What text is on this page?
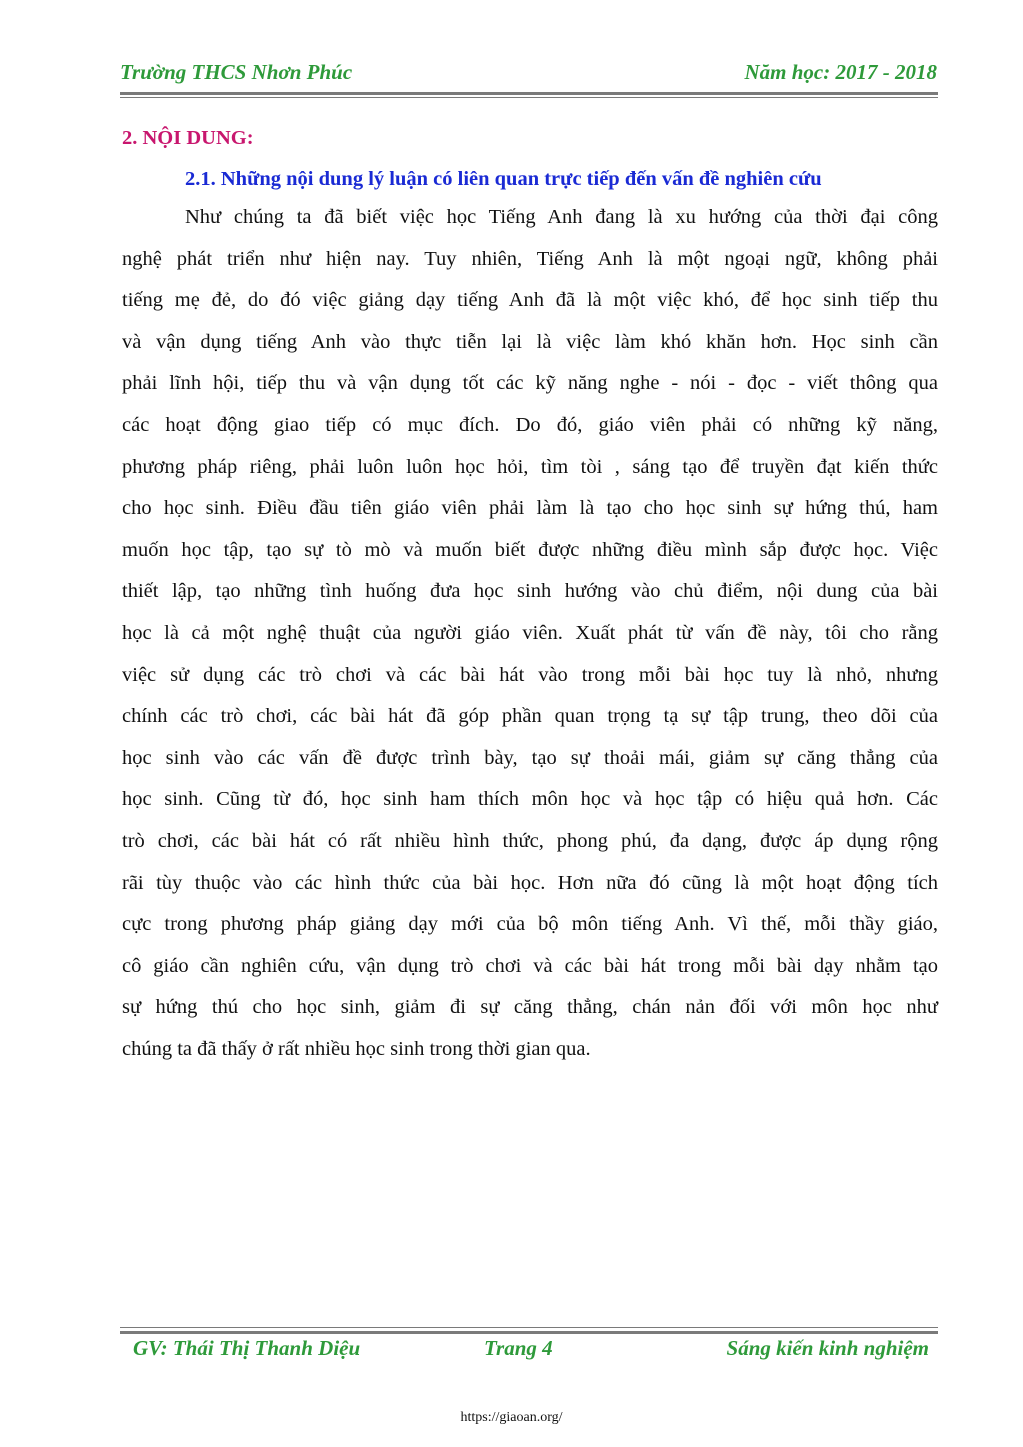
Trường THCS Nhơn Phúc	Năm học: 2017 - 2018
2. NỘI DUNG:
2.1. Những nội dung lý luận có liên quan trực tiếp đến vấn đề nghiên cứu
Như chúng ta đã biết việc học Tiếng Anh đang là xu hướng của thời đại công
nghệ phát triển như hiện nay. Tuy nhiên, Tiếng Anh là một ngoại ngữ, không phải
tiếng mẹ đẻ, do đó việc giảng dạy tiếng Anh đã là một việc khó, để học sinh tiếp thu
và vận dụng tiếng Anh vào thực tiễn lại là việc làm khó khăn hơn. Học sinh cần
phải lĩnh hội, tiếp thu và vận dụng tốt các kỹ năng nghe - nói - đọc - viết thông qua
các hoạt động giao tiếp có mục đích. Do đó, giáo viên phải có những kỹ năng,
phương pháp riêng, phải luôn luôn học hỏi, tìm tòi , sáng tạo để truyền đạt kiến thức
cho học sinh. Điều đầu tiên giáo viên phải làm là tạo cho học sinh sự hứng thú, ham
muốn học tập, tạo sự tò mò và muốn biết được những điều mình sắp được học. Việc
thiết lập, tạo những tình huống đưa học sinh hướng vào chủ điểm, nội dung của bài
học là cả một nghệ thuật của người giáo viên. Xuất phát từ vấn đề này, tôi cho rằng
việc sử dụng các trò chơi và các bài hát vào trong mỗi bài học tuy là nhỏ, nhưng
chính các trò chơi, các bài hát đã góp phần quan trọng tạ sự tập trung, theo dõi của
học sinh vào các vấn đề được trình bày, tạo sự thoải mái, giảm sự căng thẳng của
học sinh. Cũng từ đó, học sinh ham thích môn học và học tập có hiệu quả hơn. Các
trò chơi, các bài hát có rất nhiều hình thức, phong phú, đa dạng, được áp dụng rộng
rãi tùy thuộc vào các hình thức của bài học. Hơn nữa đó cũng là một hoạt động tích
cực trong phương pháp giảng dạy mới của bộ môn tiếng Anh. Vì thế, mỗi thầy giáo,
cô giáo cần nghiên cứu, vận dụng trò chơi và các bài hát trong mỗi bài dạy nhằm tạo
sự hứng thú cho học sinh, giảm đi sự căng thẳng, chán nản đối với môn học như
chúng ta đã thấy ở rất nhiều học sinh trong thời gian qua.
GV: Thái Thị Thanh Diệu	Trang 4	Sáng kiến kinh nghiệm
https://giaoan.org/
